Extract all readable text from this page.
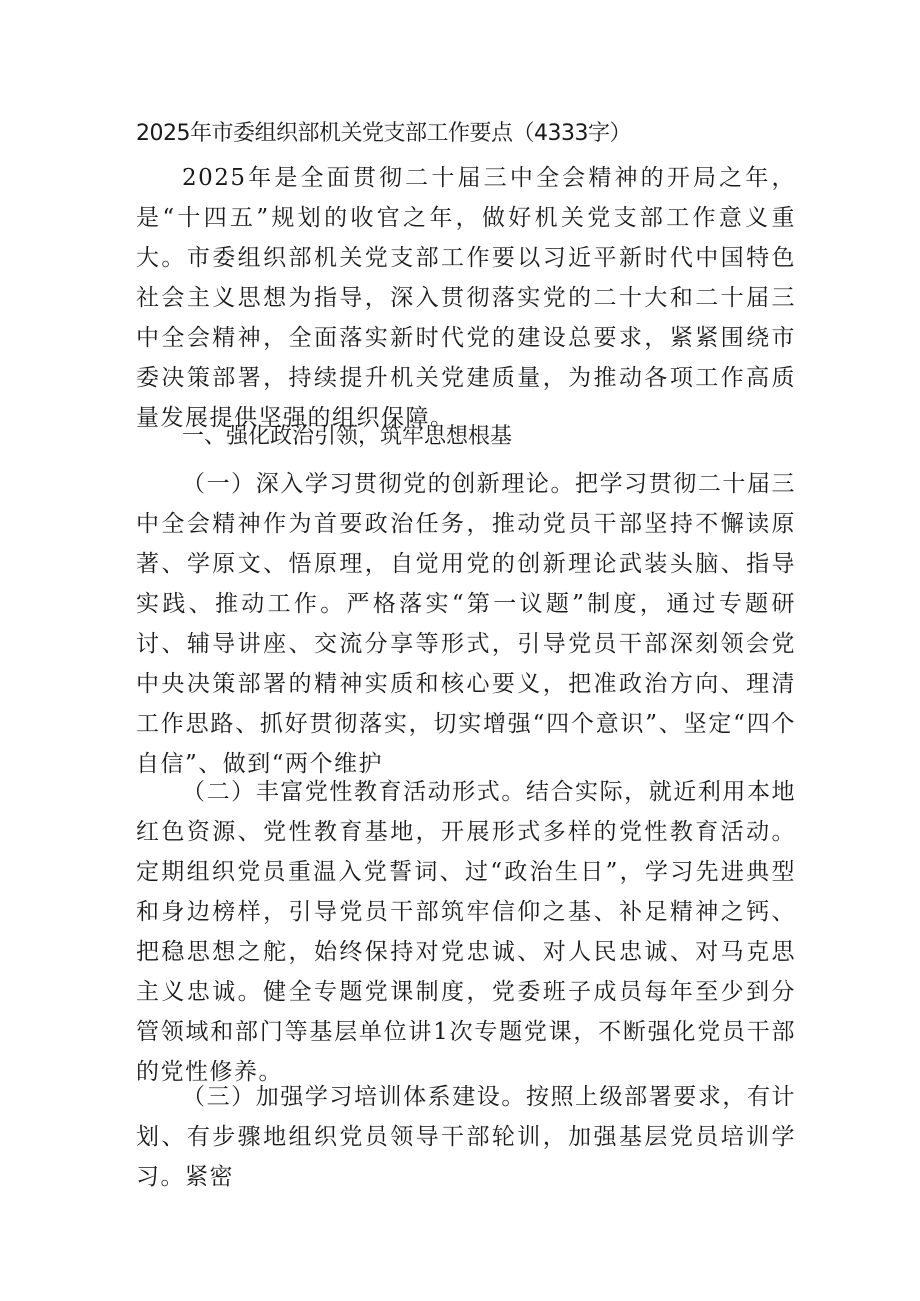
2025年市委组织部机关党支部工作要点（4333字）

2025年是全面贯彻二十届三中全会精神的开局之年，是“十四五”规划的收官之年，做好机关党支部工作意义重大。市委组织部机关党支部工作要以习近平新时代中国特色社会主义思想为指导，深入贯彻落实党的二十大和二十届三中全会精神，全面落实新时代党的建设总要求，紧紧围绕市委决策部署，持续提升机关党建质量，为推动各项工作高质量发展提供坚强的组织保障。

一、强化政治引领，筑牢思想根基

（一）深入学习贯彻党的创新理论。把学习贯彻二十届三中全会精神作为首要政治任务，推动党员干部坚持不懈读原著、学原文、悟原理，自觉用党的创新理论武装头脑、指导实践、推动工作。严格落实“第一议题”制度，通过专题研讨、辅导讲座、交流分享等形式，引导党员干部深刻领会党中央决策部署的精神实质和核心要义，把准政治方向、理清工作思路、抓好贯彻落实，切实增强“四个意识”、坚定“四个自信”、做到“两个维护

（二）丰富党性教育活动形式。结合实际，就近利用本地红色资源、党性教育基地，开展形式多样的党性教育活动。定期组织党员重温入党誓词、过“政治生日”，学习先进典型和身边榜样，引导党员干部筑牢信仰之基、补足精神之钙、把稳思想之舵，始终保持对党忠诚、对人民忠诚、对马克思主义忠诚。健全专题党课制度，党委班子成员每年至少到分管领域和部门等基层单位讲1次专题党课，不断强化党员干部的党性修养。

（三）加强学习培训体系建设。按照上级部署要求，有计划、有步骤地组织党员领导干部轮训，加强基层党员培训学习。紧密
